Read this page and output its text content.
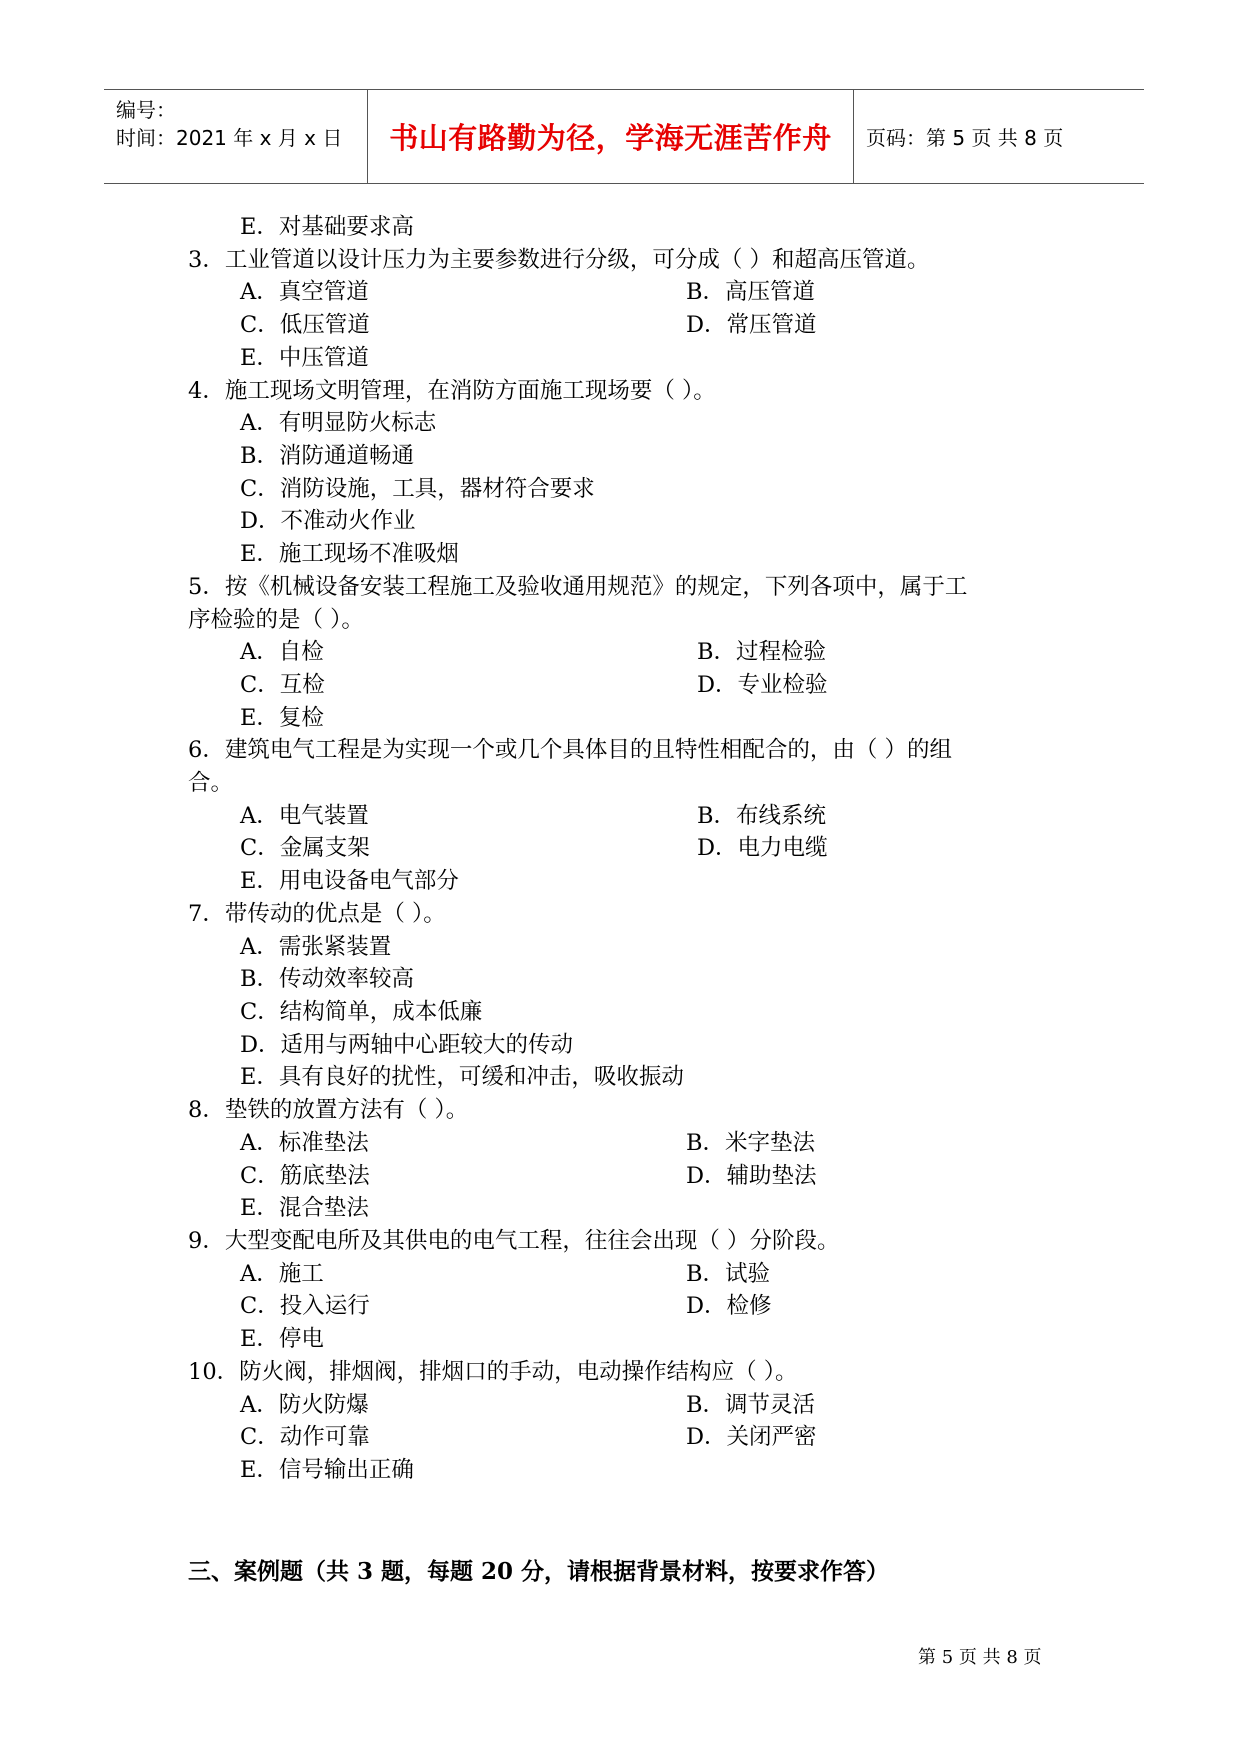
编号：
时间：2021 年 x 月 x 日	书山有路勤为径，学海无涯苦作舟	页码：第 5 页 共 8 页
E．对基础要求高
3．工业管道以设计压力为主要参数进行分级，可分成（ ）和超高压管道。
A．真空管道	B．高压管道
C．低压管道	D．常压管道
E．中压管道
4．施工现场文明管理，在消防方面施工现场要（ ）。
A．有明显防火标志
B．消防通道畅通
C．消防设施，工具，器材符合要求
D．不准动火作业
E．施工现场不准吸烟
5．按《机械设备安装工程施工及验收通用规范》的规定，下列各项中，属于工
序检验的是（ ）。
A．自检	B．过程检验
C．互检	D．专业检验
E．复检
6．建筑电气工程是为实现一个或几个具体目的且特性相配合的，由（ ）的组
合。
A．电气装置	B．布线系统
C．金属支架	D．电力电缆
E．用电设备电气部分
7．带传动的优点是（ ）。
A．需张紧装置
B．传动效率较高
C．结构简单，成本低廉
D．适用与两轴中心距较大的传动
E．具有良好的扰性，可缓和冲击，吸收振动
8．垫铁的放置方法有（ ）。
A．标准垫法	B．米字垫法
C．筋底垫法	D．辅助垫法
E．混合垫法
9．大型变配电所及其供电的电气工程，往往会出现（ ）分阶段。
A．施工	B．试验
C．投入运行	D．检修
E．停电
10．防火阀，排烟阀，排烟口的手动，电动操作结构应（ ）。
A．防火防爆	B．调节灵活
C．动作可靠	D．关闭严密
E．信号输出正确
三、案例题（共 3 题，每题 20 分，请根据背景材料，按要求作答）
第 5 页 共 8 页
